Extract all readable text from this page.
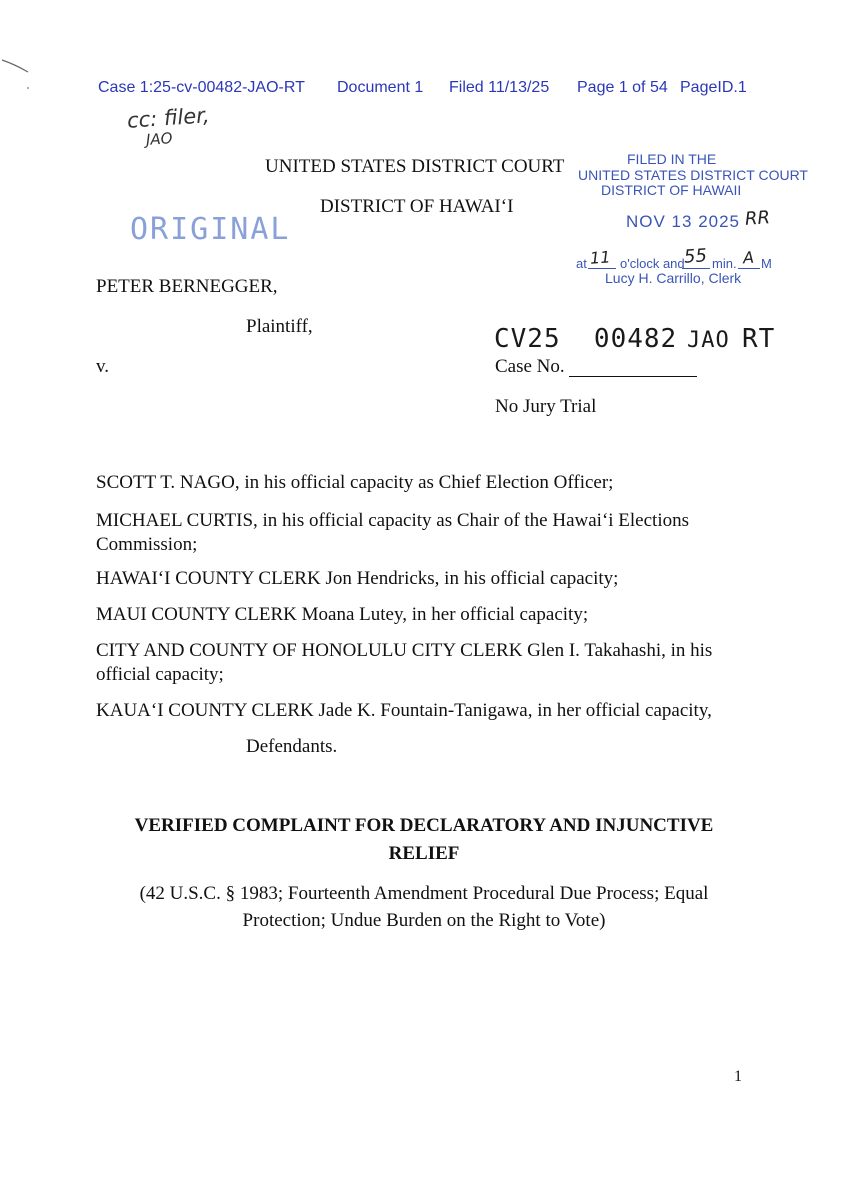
Case 1:25-cv-00482-JAO-RT Document 1 Filed 11/13/25 Page 1 of 54 PageID.1
cc: filer,
JAO
UNITED STATES DISTRICT COURT
DISTRICT OF HAWAI‘I
ORIGINAL
FILED IN THE
UNITED STATES DISTRICT COURT
DISTRICT OF HAWAII
NOV 13 2025 RR
at 11 o'clock and
55 min. A M
Lucy H. Carrillo, Clerk
PETER BERNEGGER,
Plaintiff,
v.
CV25  00482 JAO RT
Case No.
No Jury Trial
SCOTT T. NAGO, in his official capacity as Chief Election Officer;
MICHAEL CURTIS, in his official capacity as Chair of the Hawai‘i Elections
Commission;
HAWAI‘I COUNTY CLERK Jon Hendricks, in his official capacity;
MAUI COUNTY CLERK Moana Lutey, in her official capacity;
CITY AND COUNTY OF HONOLULU CITY CLERK Glen I. Takahashi, in his
official capacity;
KAUA‘I COUNTY CLERK Jade K. Fountain-Tanigawa, in her official capacity,
Defendants.
VERIFIED COMPLAINT FOR DECLARATORY AND INJUNCTIVE
RELIEF
(42 U.S.C. § 1983; Fourteenth Amendment Procedural Due Process; Equal
Protection; Undue Burden on the Right to Vote)
1
